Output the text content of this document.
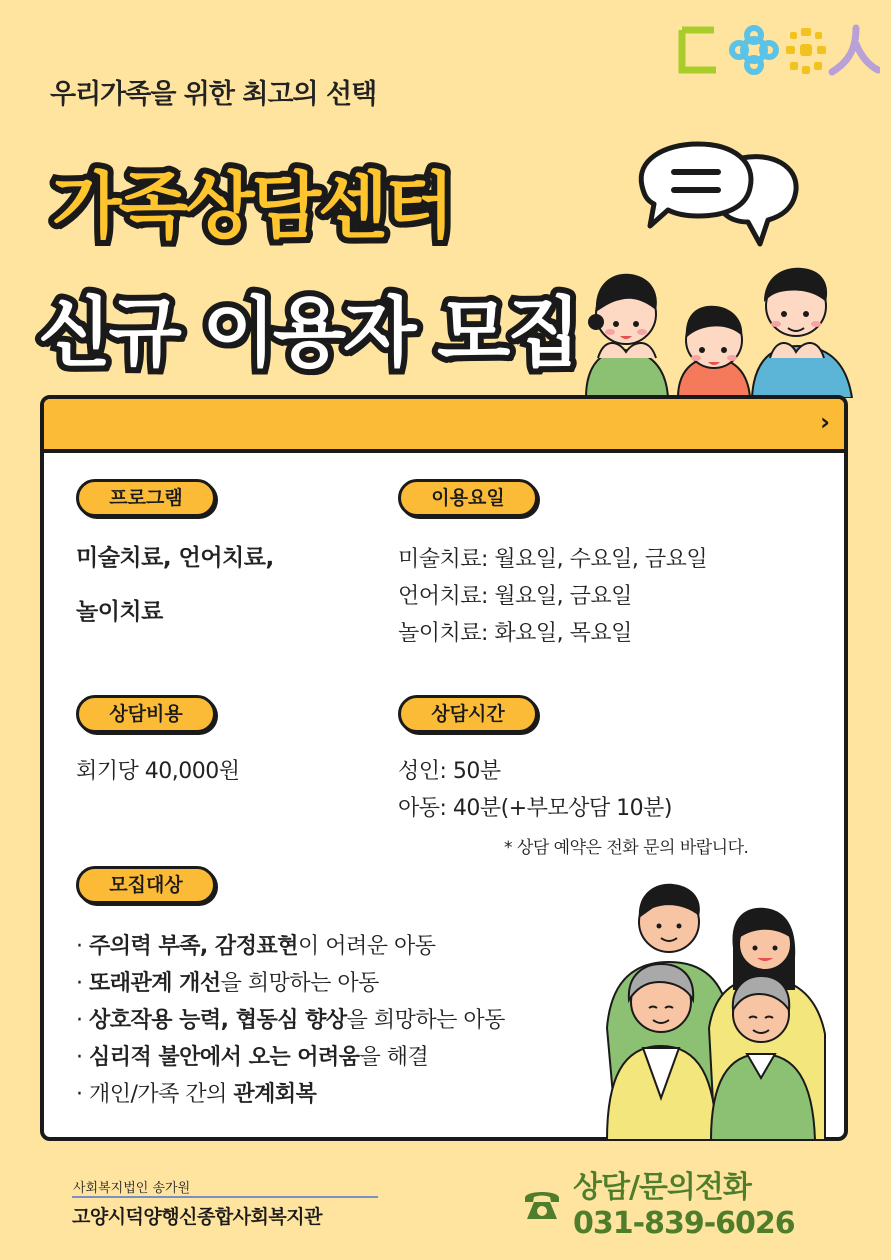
우리가족을 위한 최고의 선택
가족상담센터
신규 이용자 모집
›
프로그램
미술치료, 언어치료,
놀이치료
이용요일
미술치료: 월요일, 수요일, 금요일
언어치료: 월요일, 금요일
놀이치료: 화요일, 목요일
상담비용
회기당 40,000원
상담시간
성인: 50분
아동: 40분(+부모상담 10분)
* 상담 예약은 전화 문의 바랍니다.
모집대상
· 주의력 부족, 감정표현이 어려운 아동
· 또래관계 개선을 희망하는 아동
· 상호작용 능력, 협동심 향상을 희망하는 아동
· 심리적 불안에서 오는 어려움을 해결
· 개인/가족 간의 관계회복
사회복지법인 송가원
고양시덕양행신종합사회복지관
상담/문의전화
031-839-6026
